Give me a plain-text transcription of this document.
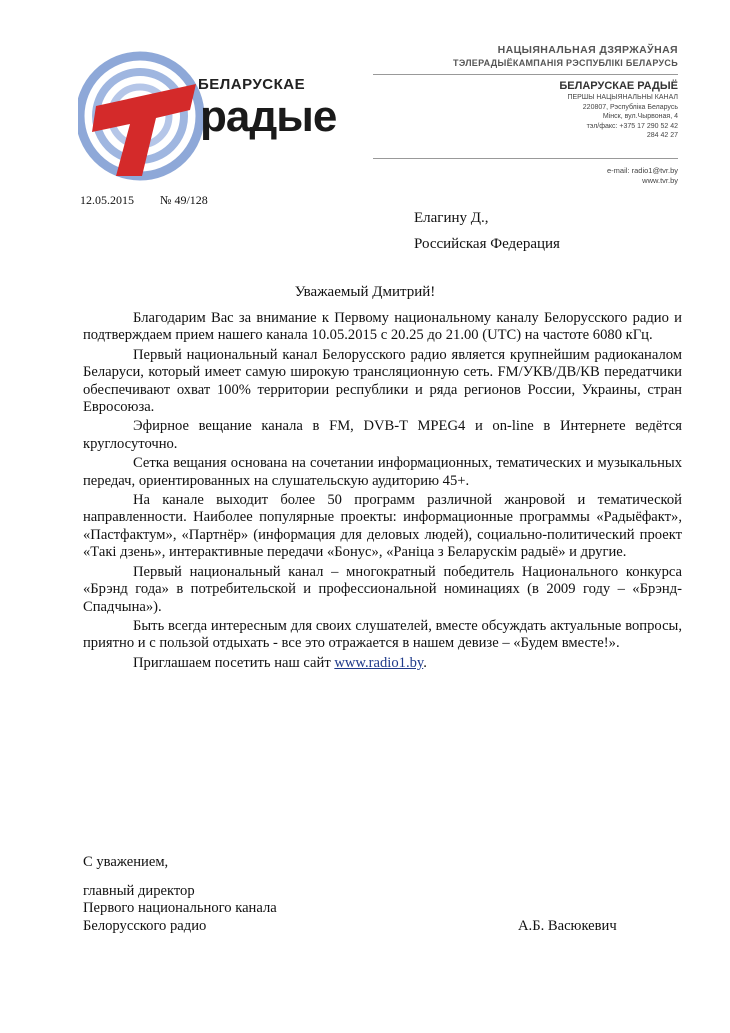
БЕЛАРУСКАЕ
радые
НАЦЫЯНАЛЬНАЯ ДЗЯРЖАЎНАЯ
ТЭЛЕРАДЫЁКАМПАНІЯ РЭСПУБЛІКІ БЕЛАРУСЬ
БЕЛАРУСКАЕ РАДЫЁ
ПЕРШЫ НАЦЫЯНАЛЬНЫ КАНАЛ
220807, Рэспубліка Беларусь
Мінск, вул.Чырвоная, 4
тэл/факс: +375 17 290 52 42
284 42 27
e-mail: radio1@tvr.by
www.tvr.by
12.05.2015 № 49/128
Елагину Д.,
Российская Федерация
Уважаемый Дмитрий!

Благодарим Вас за внимание к Первому национальному каналу Белорусского радио и подтверждаем прием нашего канала 10.05.2015 с 20.25 до 21.00 (UTC) на частоте 6080 кГц.

Первый национальный канал Белорусского радио является крупнейшим радиоканалом Беларуси, который имеет самую широкую трансляционную сеть. FM/УКВ/ДВ/КВ передатчики обеспечивают охват 100% территории республики и ряда регионов России, Украины, стран Евросоюза.

Эфирное вещание канала в FM, DVB-T MPEG4 и on-line в Интернете ведётся круглосуточно.

Сетка вещания основана на сочетании информационных, тематических и музыкальных передач, ориентированных на слушательскую аудиторию 45+.

На канале выходит более 50 программ различной жанровой и тематической направленности. Наиболее популярные проекты: информационные программы «Радыёфакт», «Пастфактум», «Партнёр» (информация для деловых людей), социально-политический проект «Такі дзень», интерактивные передачи «Бонус», «Раніца з Беларускім радыё» и другие.

Первый национальный канал – многократный победитель Национального конкурса «Брэнд года» в потребительской и профессиональной номинациях (в 2009 году – «Брэнд-Спадчына»).

Быть всегда интересным для своих слушателей, вместе обсуждать актуальные вопросы, приятно и с пользой отдыхать - все это отражается в нашем девизе – «Будем вместе!».

Приглашаем посетить наш сайт www.radio1.by.

С уважением,
главный директор
Первого национального канала
Белорусского радио	А.Б. Васюкевич
